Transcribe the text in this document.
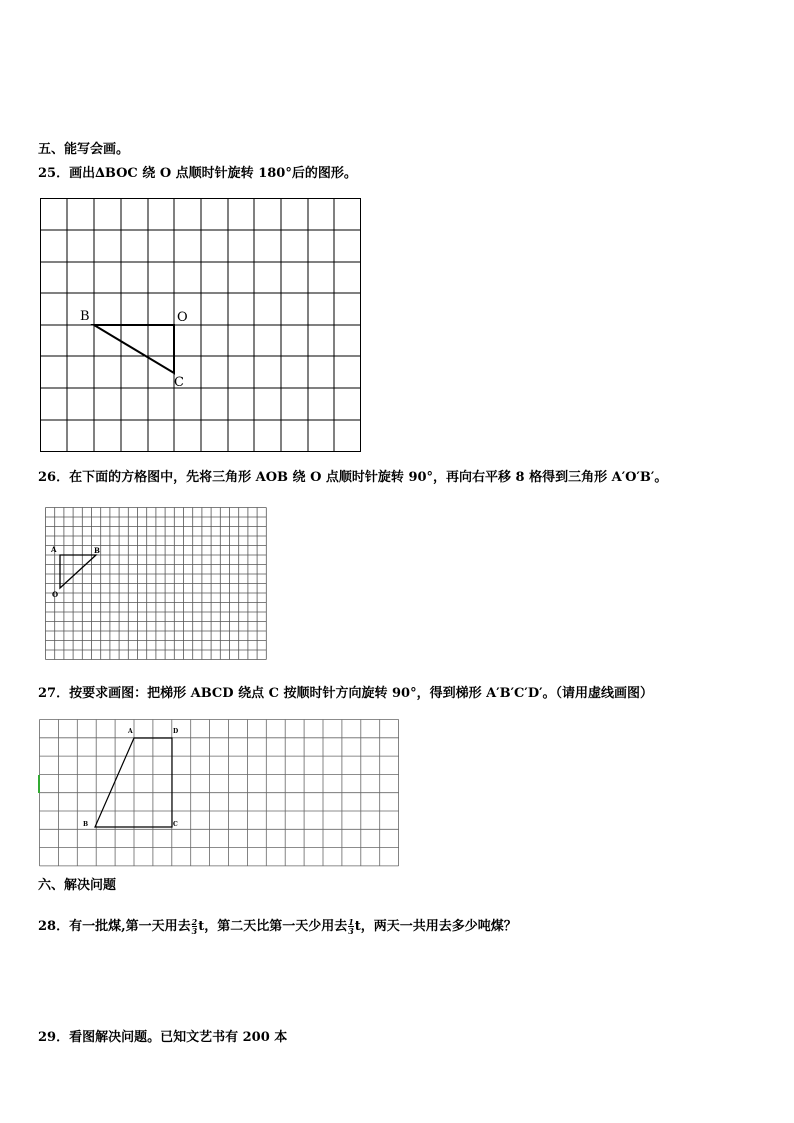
五、能写会画。
25．画出∆BOC 绕 O 点顺时针旋转 180°后的图形。
B	O
C
26．在下面的方格图中，先将三角形 AOB 绕 O 点顺时针旋转 90°，再向右平移 8 格得到三角形 A′O′B′。
A	B
O
27．按要求画图：把梯形 ABCD 绕点 C 按顺时针方向旋转 90°，得到梯形 A′B′C′D′。（请用虚线画图）
A	D
B	C
六、解决问题
28．有一批煤,第一天用去 $\frac{2}{3}$ t，第二天比第一天少用去 $\frac{1}{3}$ t，两天一共用去多少吨煤？
29．看图解决问题。已知文艺书有 200 本
